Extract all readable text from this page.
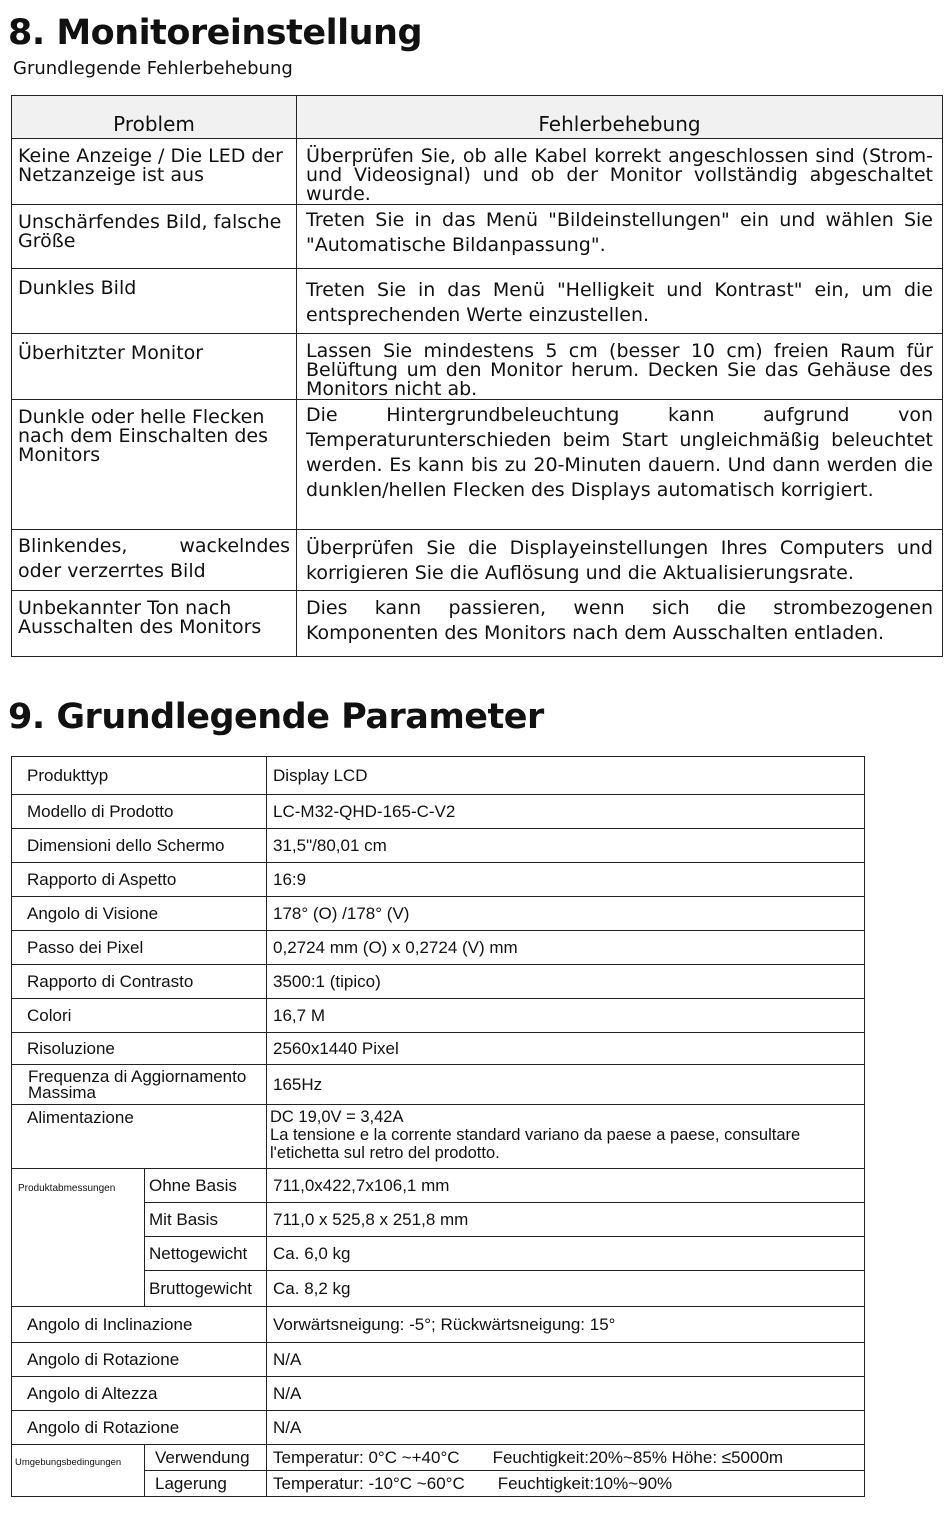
8. Monitoreinstellung

Grundlegende Fehlerbehebung

Problem	Fehlerbehebung
Keine Anzeige / Die LED der Netzanzeige ist aus	Überprüfen Sie, ob alle Kabel korrekt angeschlossen sind (Strom- und Videosignal) und ob der Monitor vollständig abgeschaltet wurde.
Unschärfendes Bild, falsche Größe	Treten Sie in das Menü "Bildeinstellungen" ein und wählen Sie "Automatische Bildanpassung".
Dunkles Bild	Treten Sie in das Menü "Helligkeit und Kontrast" ein, um die entsprechenden Werte einzustellen.
Überhitzter Monitor	Lassen Sie mindestens 5 cm (besser 10 cm) freien Raum für Belüftung um den Monitor herum. Decken Sie das Gehäuse des Monitors nicht ab.
Dunkle oder helle Flecken nach dem Einschalten des Monitors	Die Hintergrundbeleuchtung kann aufgrund von Temperaturunterschieden beim Start ungleichmäßig beleuchtet werden. Es kann bis zu 20-Minuten dauern. Und dann werden die dunklen/hellen Flecken des Displays automatisch korrigiert.
Blinkendes, wackelndes oder verzerrtes Bild	Überprüfen Sie die Displayeinstellungen Ihres Computers und korrigieren Sie die Auflösung und die Aktualisierungsrate.
Unbekannter Ton nach Ausschalten des Monitors	Dies kann passieren, wenn sich die strombezogenen Komponenten des Monitors nach dem Ausschalten entladen.
9. Grundlegende Parameter
Produkttyp		Display LCD
Modello di Prodotto		LC-M32-QHD-165-C-V2
Dimensioni dello Schermo		31,5"/80,01 cm
Rapporto di Aspetto		16:9
Angolo di Visione		178° (O) /178° (V)
Passo dei Pixel		0,2724 mm (O) x 0,2724 (V) mm
Rapporto di Contrasto		3500:1 (tipico)
Colori		16,7 M
Risoluzione		2560x1440 Pixel
Frequenza di Aggiornamento Massima		165Hz
Alimentazione		DC 19,0V = 3,42A
La tensione e la corrente standard variano da paese a paese, consultare l'etichetta sul retro del prodotto.

Produktabmessungen	Ohne Basis	711,0x422,7x106,1 mm
	Mit Basis	711,0 x 525,8 x 251,8 mm
	Nettogewicht	Ca. 6,0 kg
	Bruttogewicht	Ca. 8,2 kg
Angolo di Inclinazione		Vorwärtsneigung: -5°; Rückwärtsneigung: 15°
Angolo di Rotazione		N/A
Angolo di Altezza		N/A
Angolo di Rotazione		N/A
Umgebungsbedingungen	Verwendung	Temperatur: 0°C ~+40°C       Feuchtigkeit:20%~85% Höhe: ≤5000m
	Lagerung	Temperatur: -10°C ~60°C       Feuchtigkeit:10%~90%
